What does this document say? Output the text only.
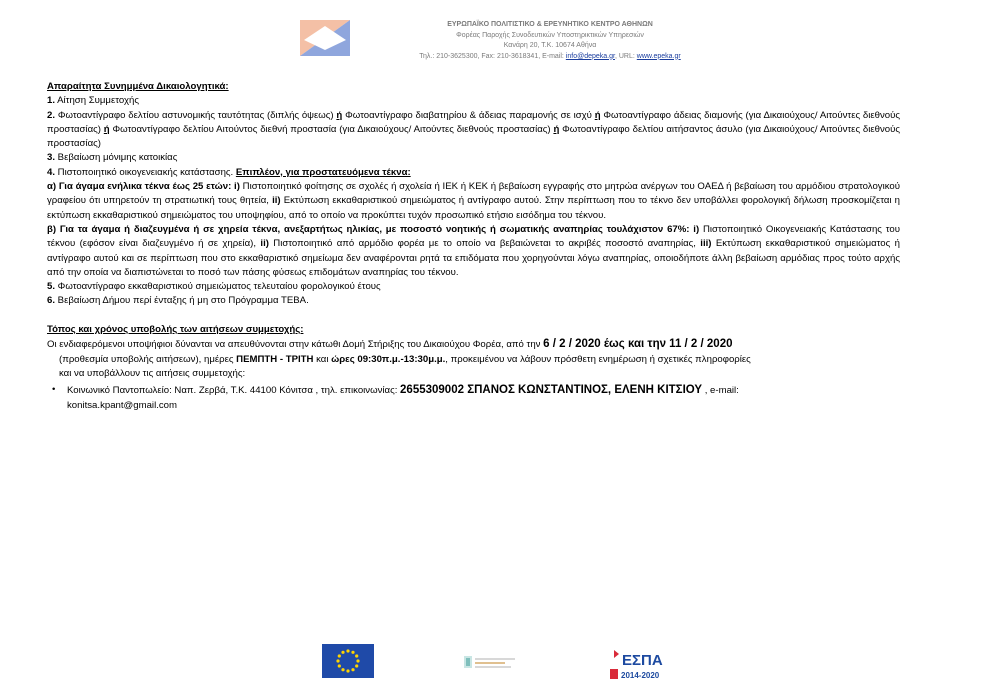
ΕΥΡΩΠΑΪΚΟ ΠΟΛΙΤΙΣΤΙΚΟ & ΕΡΕΥΝΗΤΙΚΟ ΚΕΝΤΡΟ ΑΘΗΝΩΝ
Φορέας Παροχής Συνοδευτικών Υποστηρικτικών Υπηρεσιών
Κανάρη 20, Τ.Κ. 10674 Αθήνα
Τηλ.: 210-3625300, Fax: 210-3618341, E-mail: info@depeka.gr, URL: www.epeka.gr

Απαραίτητα Συνημμένα Δικαιολογητικά:

1. Αίτηση Συμμετοχής

2. Φωτοαντίγραφο δελτίου αστυνομικής ταυτότητας (διπλής όψεως) ή Φωτοαντίγραφο διαβατηρίου & άδειας παραμονής σε ισχύ ή Φωτοαντίγραφο άδειας διαμονής (για Δικαιούχους/ Αιτούντες διεθνούς προστασίας) ή Φωτοαντίγραφο δελτίου Αιτούντος διεθνή προστασία (για Δικαιούχους/ Αιτούντες διεθνούς προστασίας) ή Φωτοαντίγραφο δελτίου αιτήσαντος άσυλο (για Δικαιούχους/ Αιτούντες διεθνούς προστασίας)

3. Βεβαίωση μόνιμης κατοικίας

4. Πιστοποιητικό οικογενειακής κατάστασης. Επιπλέον, για προστατευόμενα τέκνα:

α) Για άγαμα ενήλικα τέκνα έως 25 ετών: i) Πιστοποιητικό φοίτησης σε σχολές ή σχολεία ή ΙΕΚ ή ΚΕΚ ή βεβαίωση εγγραφής στο μητρώα ανέργων του ΟΑΕΔ ή βεβαίωση του αρμόδιου στρατολογικού γραφείου ότι υπηρετούν τη στρατιωτική τους θητεία, ii) Εκτύπωση εκκαθαριστικού σημειώματος ή αντίγραφο αυτού. Στην περίπτωση που το τέκνο δεν υποβάλλει φορολογική δήλωση προσκομίζεται η εκτύπωση εκκαθαριστικού σημειώματος του υποψηφίου, από το οποίο να προκύπτει τυχόν προσωπικό ετήσιο εισόδημα του τέκνου.

β) Για τα άγαμα ή διαζευγμένα ή σε χηρεία τέκνα, ανεξαρτήτως ηλικίας, με ποσοστό νοητικής ή σωματικής αναπηρίας τουλάχιστον 67%: i) Πιστοποιητικό Οικογενειακής Κατάστασης του τέκνου (εφόσον είναι διαζευγμένο ή σε χηρεία), ii) Πιστοποιητικό από αρμόδιο φορέα με το οποίο να βεβαιώνεται το ακριβές ποσοστό αναπηρίας, iii) Εκτύπωση εκκαθαριστικού σημειώματος ή αντίγραφο αυτού και σε περίπτωση που στο εκκαθαριστικό σημείωμα δεν αναφέρονται ρητά τα επιδόματα που χορηγούνται λόγω αναπηρίας, οποιοδήποτε άλλη βεβαίωση αρμόδιας προς τούτο αρχής από την οποία να διαπιστώνεται το ποσό των πάσης φύσεως επιδομάτων αναπηρίας του τέκνου.

5. Φωτοαντίγραφο εκκαθαριστικού σημειώματος τελευταίου φορολογικού έτους

6. Βεβαίωση Δήμου περί ένταξης ή μη στο Πρόγραμμα ΤΕΒΑ.

Τόπος και χρόνος υποβολής των αιτήσεων συμμετοχής:

Οι ενδιαφερόμενοι υποψήφιοι δύνανται να απευθύνονται στην κάτωθι Δομή Στήριξης του Δικαιούχου Φορέα, από την 6 / 2 / 2020 έως και την 11 / 2 / 2020

(προθεσμία υποβολής αιτήσεων), ημέρες ΠΕΜΠΤΗ - ΤΡΙΤΗ και ώρες 09:30π.μ.-13:30μ.μ., προκειμένου να λάβουν πρόσθετη ενημέρωση ή σχετικές πληροφορίες

και να υποβάλλουν τις αιτήσεις συμμετοχής:

• Κοινωνικό Παντοπωλείο: Ναπ. Ζερβά, Τ.Κ. 44100 Κόνιτσα , τηλ. επικοινωνίας: 2655309002 ΣΠΑΝΟΣ ΚΩΝΣΤΑΝΤΙΝΟΣ, ΕΛΕΝΗ ΚΙΤΣΙΟΥ , e-mail:
konitsa.kpant@gmail.com
ΕΣΠΑ
2014-2020
